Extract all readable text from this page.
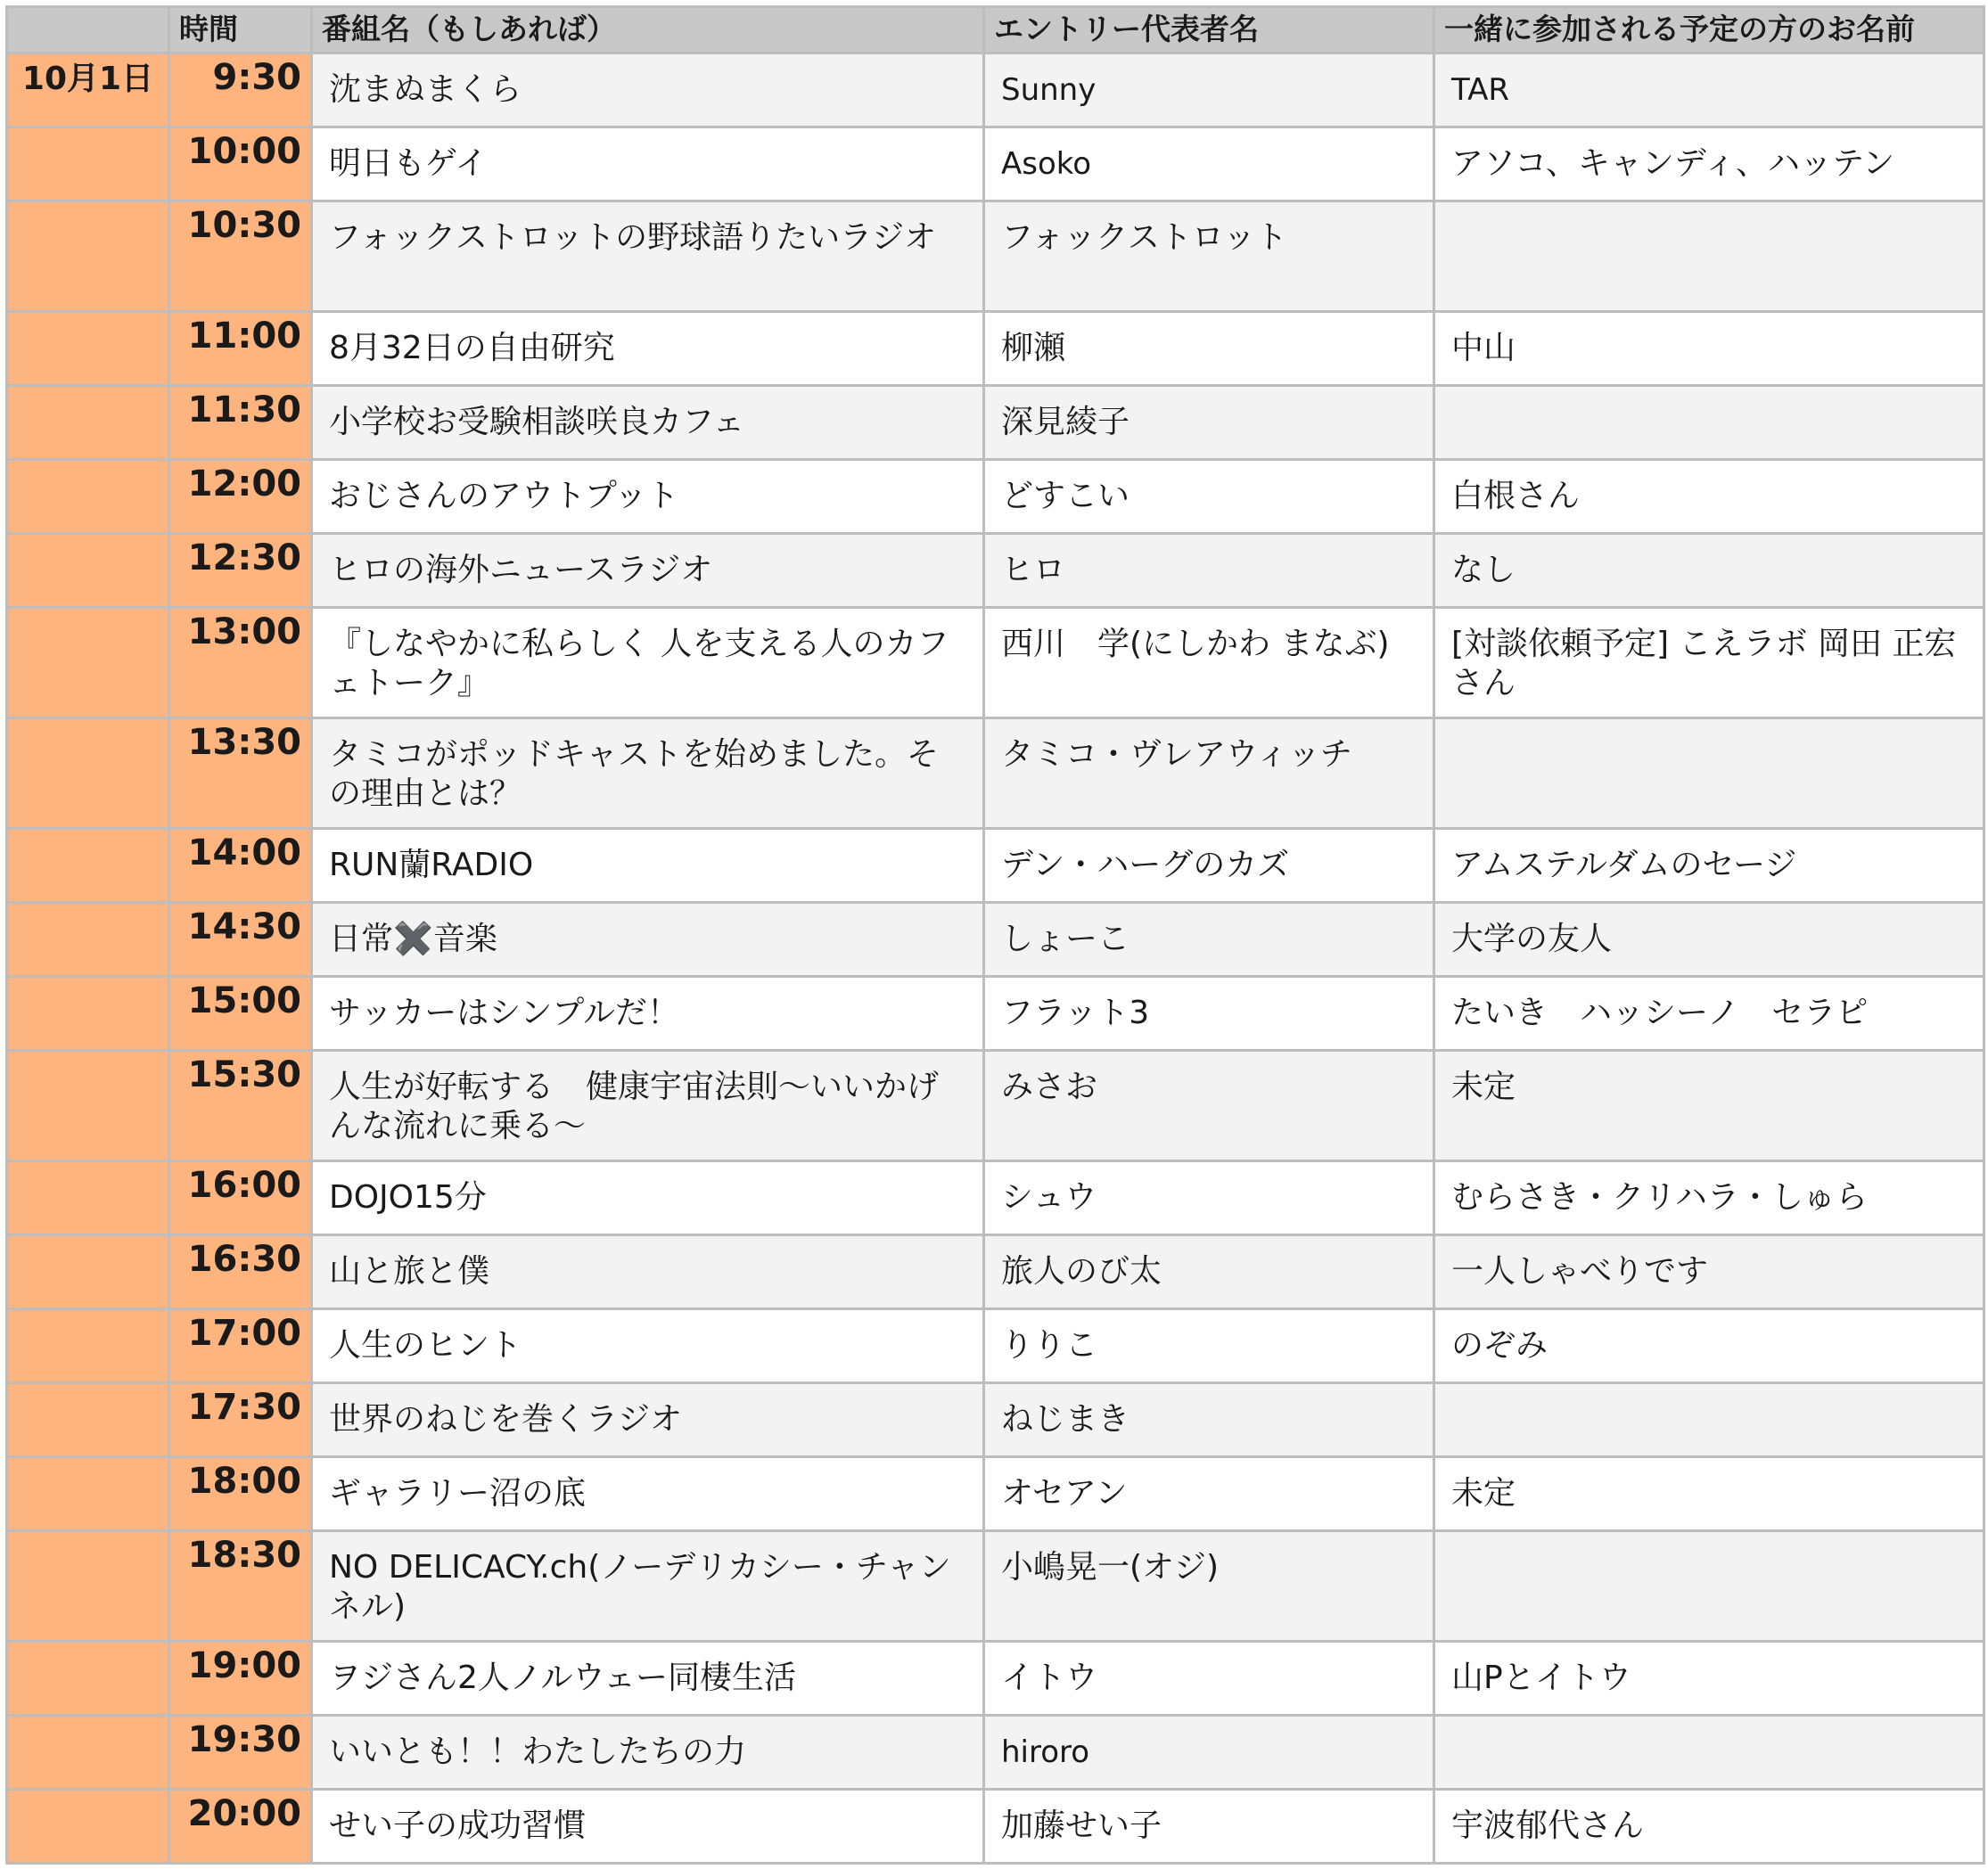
	時間	番組名（もしあれば）	エントリー代表者名	一緒に参加される予定の方のお名前
10月1日	9:30	沈まぬまくら	Sunny	TAR
	10:00	明日もゲイ	Asoko	アソコ、キャンディ、ハッテン
	10:30	フォックストロットの野球語りたいラジオ	フォックストロット	
	11:00	8月32日の自由研究	柳瀬	中山
	11:30	小学校お受験相談咲良カフェ	深見綾子	
	12:00	おじさんのアウトプット	どすこい	白根さん
	12:30	ヒロの海外ニュースラジオ	ヒロ	なし
	13:00	『しなやかに私らしく 人を支える人のカフェトーク』	西川　学(にしかわ まなぶ)	[対談依頼予定] こえラボ 岡田 正宏さん
	13:30	タミコがポッドキャストを始めました。その理由とは？	タミコ・ヴレアウィッチ	
	14:00	RUN蘭RADIO	デン・ハーグのカズ	アムステルダムのセージ
	14:30	日常✖️音楽	しょーこ	大学の友人
	15:00	サッカーはシンプルだ！	フラット3	たいき　ハッシーノ　セラピ
	15:30	人生が好転する　健康宇宙法則〜いいかげんな流れに乗る〜	みさお	未定
	16:00	DOJO15分	シュウ	むらさき・クリハラ・しゅら
	16:30	山と旅と僕	旅人のび太	一人しゃべりです
	17:00	人生のヒント	りりこ	のぞみ
	17:30	世界のねじを巻くラジオ	ねじまき	
	18:00	ギャラリー沼の底	オセアン	未定
	18:30	NO DELICACY.ch(ノーデリカシー・チャンネル)	小嶋晃一(オジ)	
	19:00	ヲジさん2人ノルウェー同棲生活	イトウ	山Pとイトウ
	19:30	いいとも！！わたしたちの力	hiroro	
	20:00	せい子の成功習慣	加藤せい子	宇波郁代さん
